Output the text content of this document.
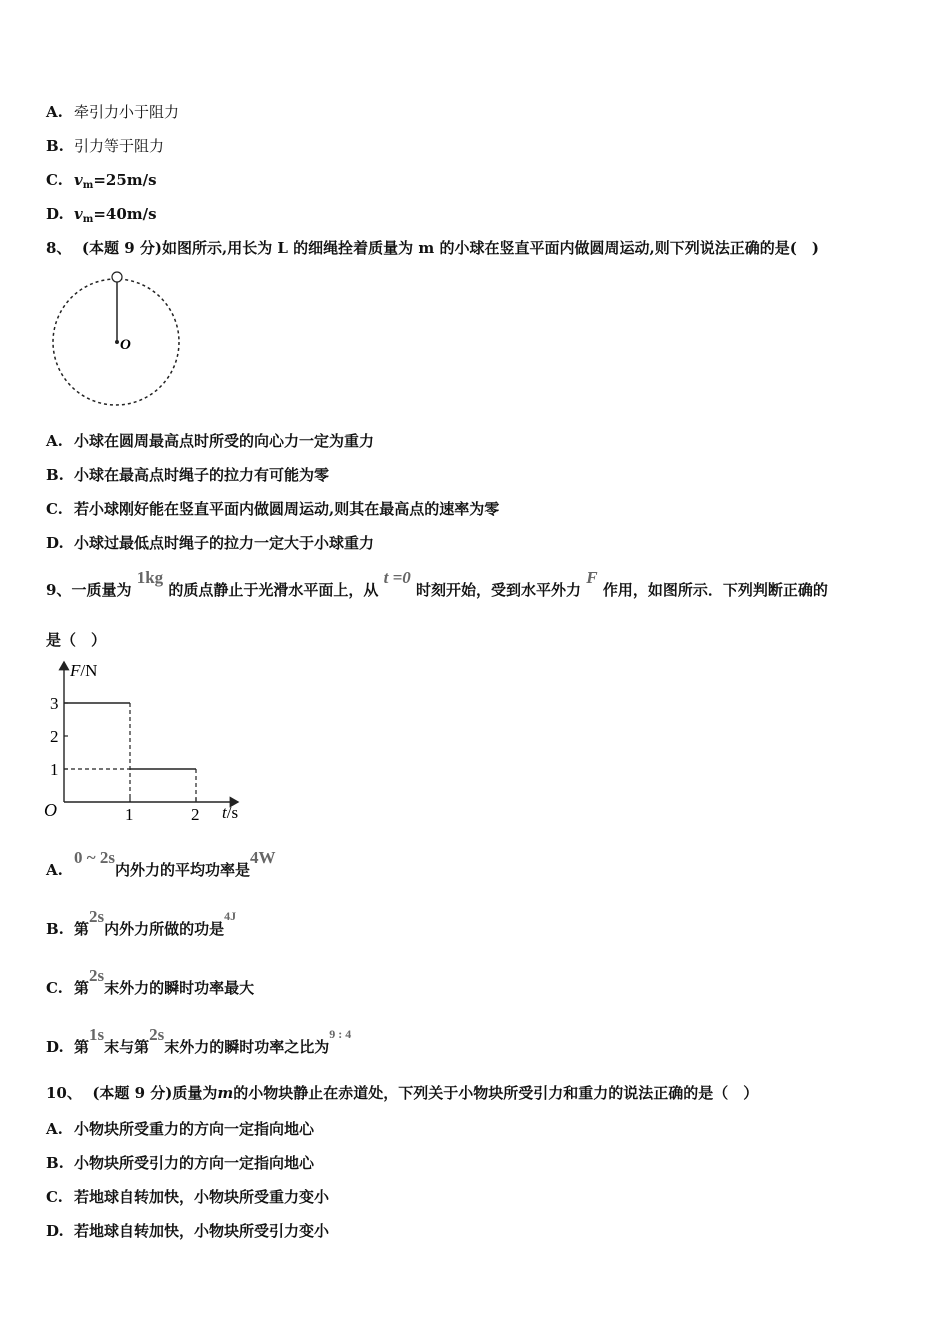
A. 牵引力小于阻力
B. 引力等于阻力
C. $v_m=25m/s$
D. $v_m=40m/s$
8、 (本题 9 分)如图所示,用长为 L 的细绳拴着质量为 m 的小球在竖直平面内做圆周运动,则下列说法正确的是(　)
O
A. 小球在圆周最高点时所受的向心力一定为重力
B. 小球在最高点时绳子的拉力有可能为零
C. 若小球刚好能在竖直平面内做圆周运动,则其在最高点的速率为零
D. 小球过最低点时绳子的拉力一定大于小球重力
9、一质量为 1kg 的质点静止于光滑水平面上，从 t =0 时刻开始，受到水平外力 F 作用，如图所示．下列判断正确的
是（　）
F/N
t/s
O
3
2
1
1	2
A.0 ~ 2s内外力的平均功率是4W
B. 第2s内外力所做的功是$^{4J}$
C. 第2s末外力的瞬时功率最大
D. 第1s末与第2s末外力的瞬时功率之比为$^{9 : 4}$
10、 (本题 9 分)质量为m的小物块静止在赤道处，下列关于小物块所受引力和重力的说法正确的是（　）
A. 小物块所受重力的方向一定指向地心
B. 小物块所受引力的方向一定指向地心
C. 若地球自转加快，小物块所受重力变小
D. 若地球自转加快，小物块所受引力变小
